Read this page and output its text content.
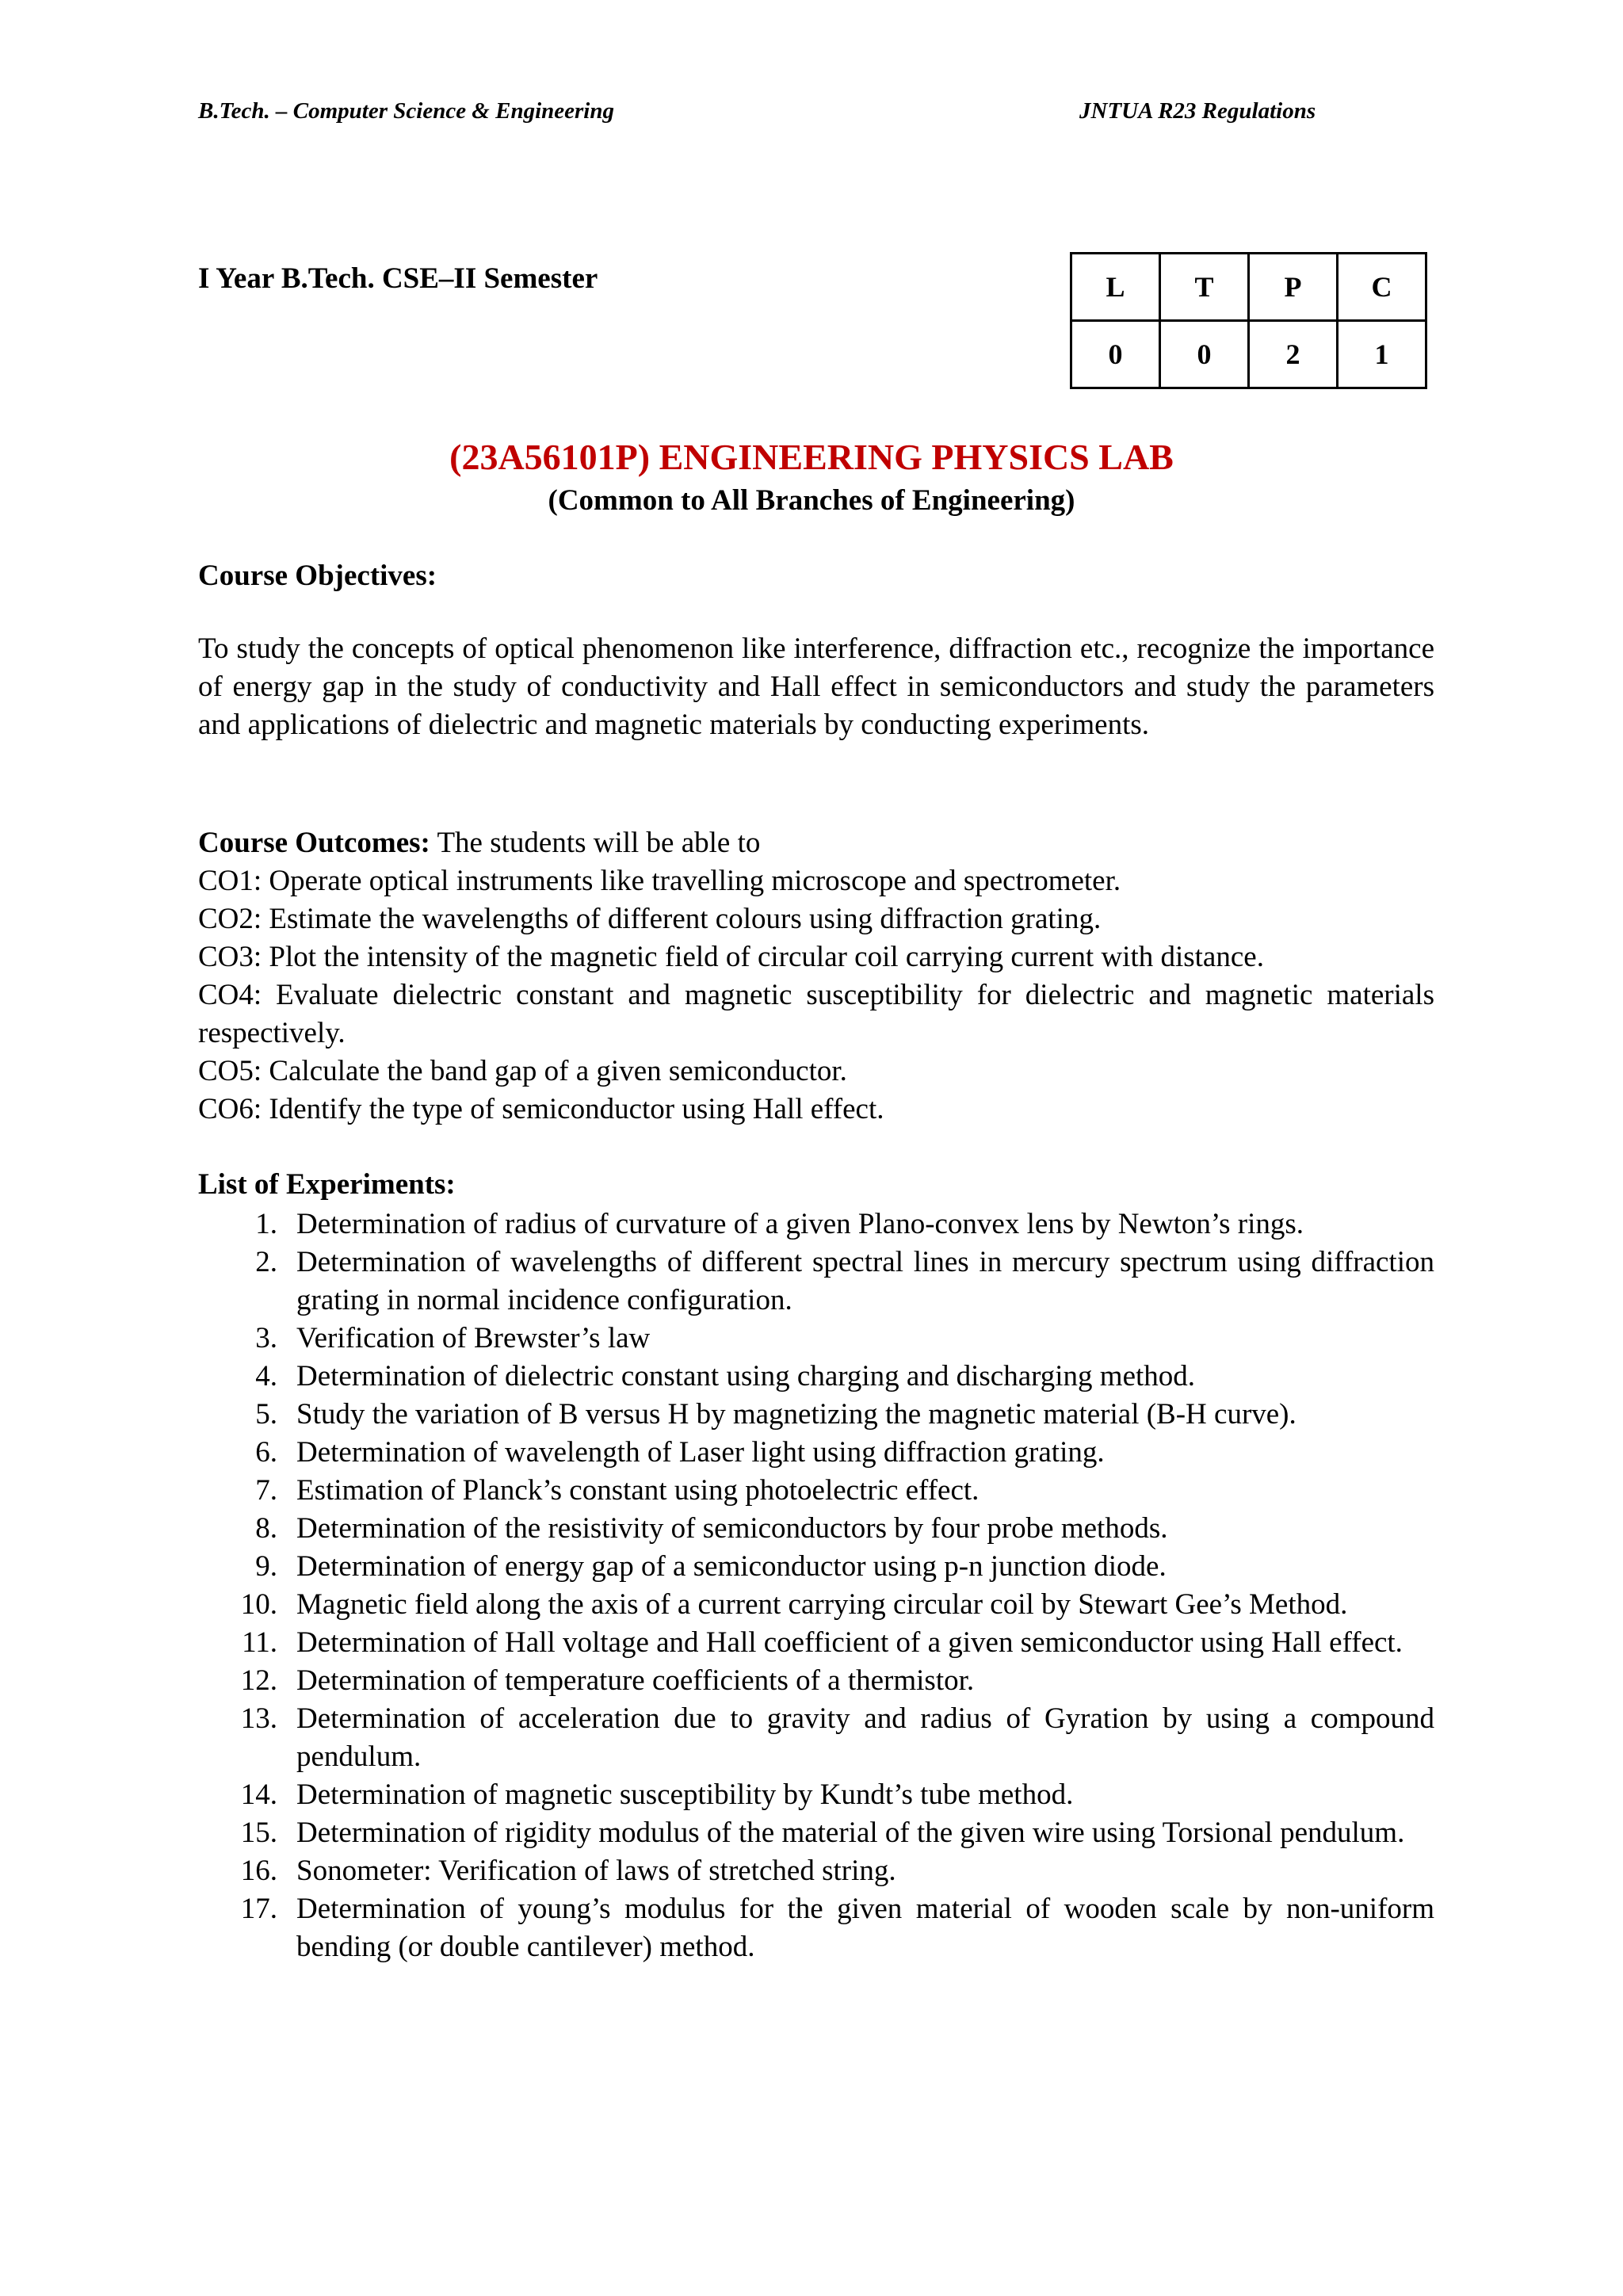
B.Tech. – Computer Science & Engineering	JNTUA R23 Regulations
I Year B.Tech. CSE–II Semester	L	T	P	C
0	0	2	1
(23A56101P) ENGINEERING PHYSICS LAB
(Common to All Branches of Engineering)
Course Objectives:
To study the concepts of optical phenomenon like interference, diffraction etc., recognize the importance of energy gap in the study of conductivity and Hall effect in semiconductors and study the parameters and applications of dielectric and magnetic materials by conducting experiments.
Course Outcomes: The students will be able to
CO1: Operate optical instruments like travelling microscope and spectrometer.
CO2: Estimate the wavelengths of different colours using diffraction grating.
CO3: Plot the intensity of the magnetic field of circular coil carrying current with distance.
CO4: Evaluate dielectric constant and magnetic susceptibility for dielectric and magnetic materials respectively.
CO5: Calculate the band gap of a given semiconductor.
CO6: Identify the type of semiconductor using Hall effect.
List of Experiments:
1. Determination of radius of curvature of a given Plano-convex lens by Newton’s rings.
2. Determination of wavelengths of different spectral lines in mercury spectrum using diffraction grating in normal incidence configuration.
3. Verification of Brewster’s law
4. Determination of dielectric constant using charging and discharging method.
5. Study the variation of B versus H by magnetizing the magnetic material (B-H curve).
6. Determination of wavelength of Laser light using diffraction grating.
7. Estimation of Planck’s constant using photoelectric effect.
8. Determination of the resistivity of semiconductors by four probe methods.
9. Determination of energy gap of a semiconductor using p-n junction diode.
10. Magnetic field along the axis of a current carrying circular coil by Stewart Gee’s Method.
11. Determination of Hall voltage and Hall coefficient of a given semiconductor using Hall effect.
12. Determination of temperature coefficients of a thermistor.
13. Determination of acceleration due to gravity and radius of Gyration by using a compound pendulum.
14. Determination of magnetic susceptibility by Kundt’s tube method.
15. Determination of rigidity modulus of the material of the given wire using Torsional pendulum.
16. Sonometer: Verification of laws of stretched string.
17. Determination of young’s modulus for the given material of wooden scale by non-uniform bending (or double cantilever) method.
